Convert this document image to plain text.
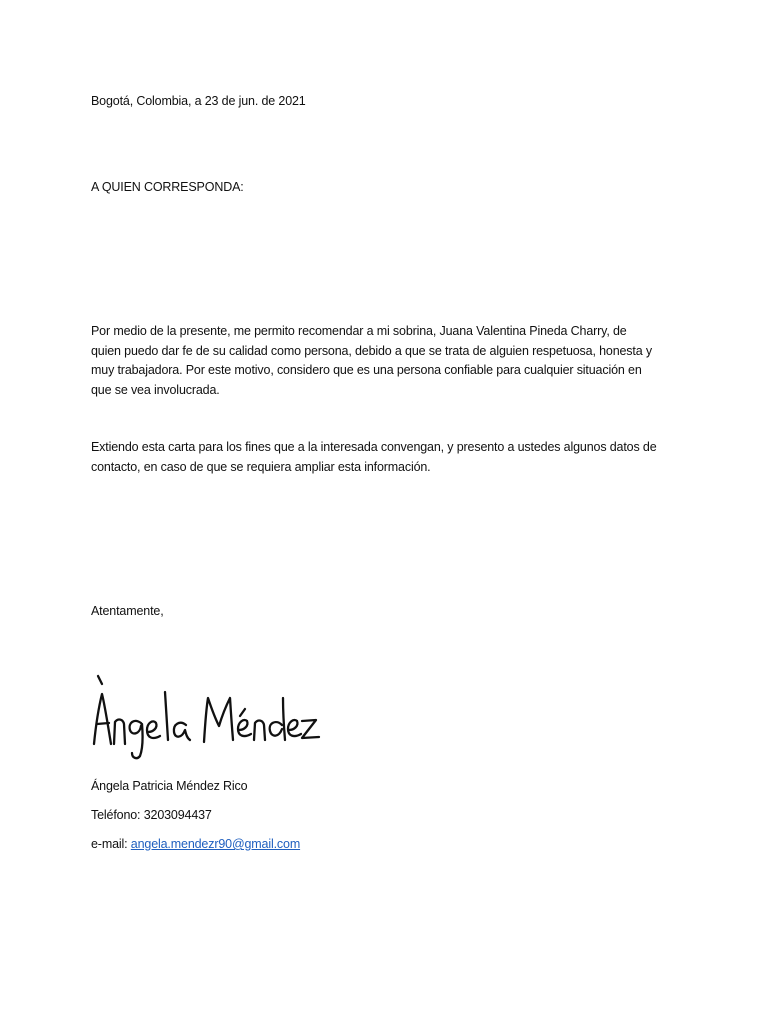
Bogotá, Colombia, a 23 de jun. de 2021

A QUIEN CORRESPONDA:

Por medio de la presente, me permito recomendar a mi sobrina, Juana Valentina Pineda Charry, de
quien puedo dar fe de su calidad como persona, debido a que se trata de alguien respetuosa, honesta y
muy trabajadora. Por este motivo, considero que es una persona confiable para cualquier situación en
que se vea involucrada.
Extiendo esta carta para los fines que a la interesada convengan, y presento a ustedes algunos datos de
contacto, en caso de que se requiera ampliar esta información.

Atentamente,

Ángela Patricia Méndez Rico

Teléfono: 3203094437

e-mail: angela.mendezr90@gmail.com
